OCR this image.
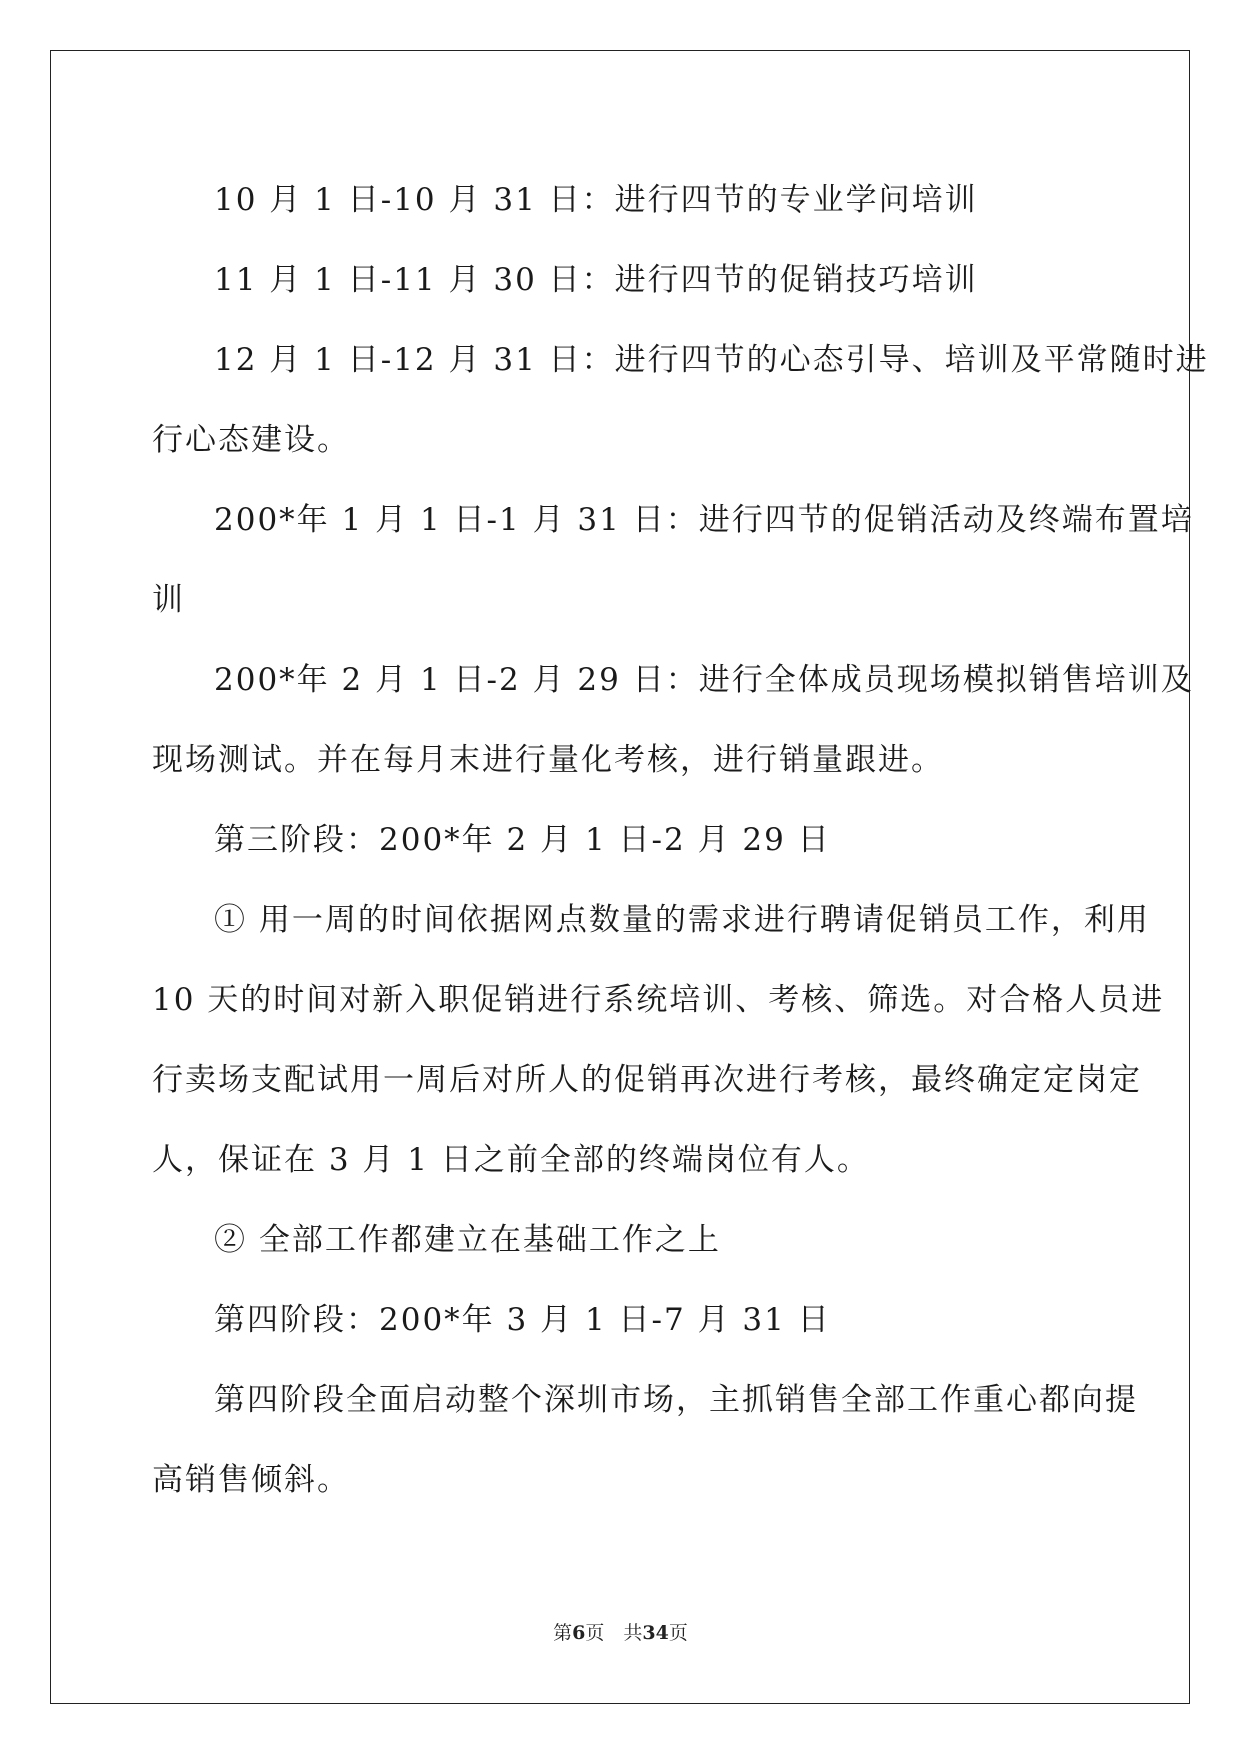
10 月 1 日-10 月 31 日：进行四节的专业学问培训

11 月 1 日-11 月 30 日：进行四节的促销技巧培训

12 月 1 日-12 月 31 日：进行四节的心态引导、培训及平常随时进

行心态建设。

200*年 1 月 1 日-1 月 31 日：进行四节的促销活动及终端布置培

训

200*年 2 月 1 日-2 月 29 日：进行全体成员现场模拟销售培训及

现场测试。并在每月末进行量化考核，进行销量跟进。

第三阶段：200*年 2 月 1 日-2 月 29 日

① 用一周的时间依据网点数量的需求进行聘请促销员工作，利用

10 天的时间对新入职促销进行系统培训、考核、筛选。对合格人员进

行卖场支配试用一周后对所人的促销再次进行考核，最终确定定岗定

人，保证在 3 月 1 日之前全部的终端岗位有人。

② 全部工作都建立在基础工作之上

第四阶段：200*年 3 月 1 日-7 月 31 日

第四阶段全面启动整个深圳市场，主抓销售全部工作重心都向提

高销售倾斜。

第6页　共34页
